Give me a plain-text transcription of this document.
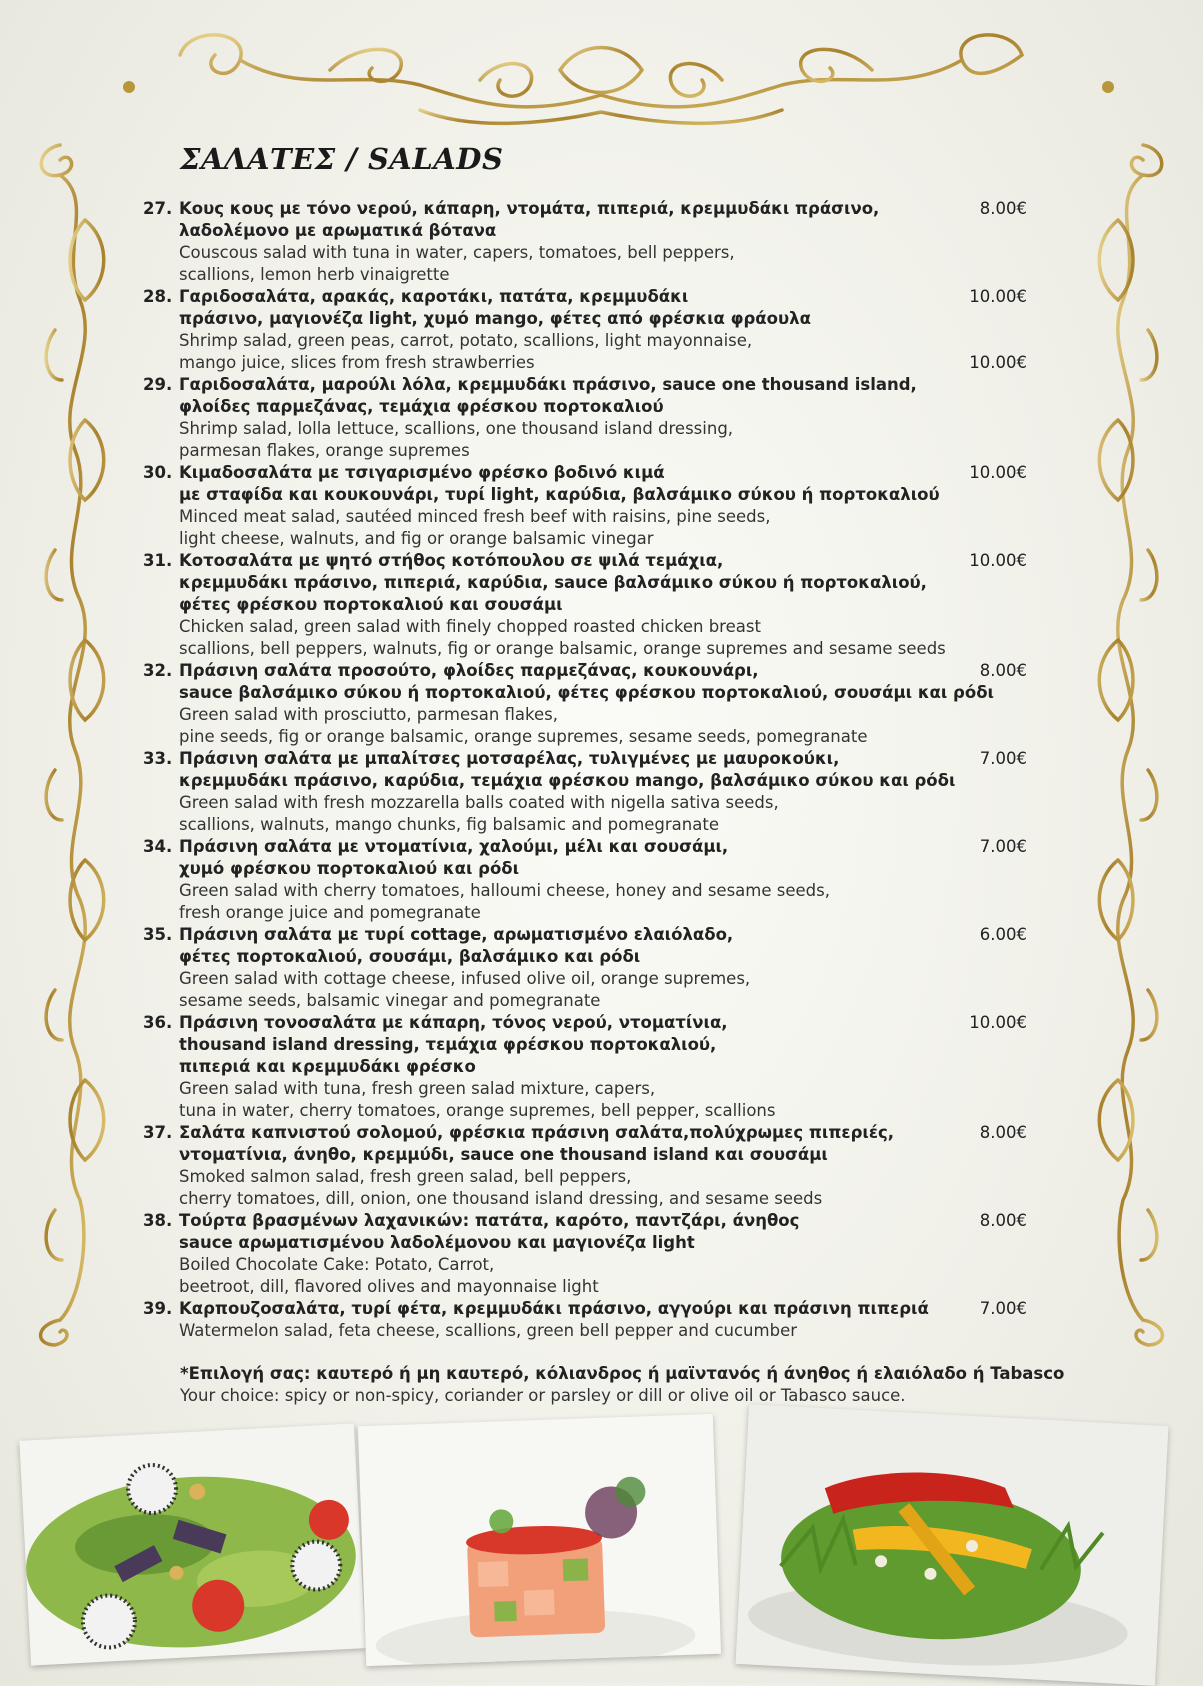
ΣΑΛΑΤΕΣ / SALADS
27. Κους κους με τόνο νερού, κάπαρη, ντομάτα, πιπεριά, κρεμμυδάκι πράσινο,
λαδολέμονο με αρωματικά βότανα
Couscous salad with tuna in water, capers, tomatoes, bell peppers,
scallions, lemon herb vinaigrette
28. Γαριδοσαλάτα, αρακάς, καροτάκι, πατάτα, κρεμμυδάκι
πράσινο, μαγιονέζα light, χυμό mango, φέτες από φρέσκια φράουλα
Shrimp salad, green peas, carrot, potato, scallions, light mayonnaise,
mango juice, slices from fresh strawberries
29. Γαριδοσαλάτα, μαρούλι λόλα, κρεμμυδάκι πράσινο, sauce one thousand island,
φλοίδες παρμεζάνας, τεμάχια φρέσκου πορτοκαλιού
Shrimp salad, lolla lettuce, scallions, one thousand island dressing,
parmesan flakes, orange supremes
30. Κιμαδοσαλάτα με τσιγαρισμένο φρέσκο βοδινό κιμά
με σταφίδα και κουκουνάρι, τυρί light, καρύδια, βαλσάμικο σύκου ή πορτοκαλιού
Minced meat salad, sautéed minced fresh beef with raisins, pine seeds,
light cheese, walnuts, and fig or orange balsamic vinegar
31. Κοτοσαλάτα με ψητό στήθος κοτόπουλου σε ψιλά τεμάχια,
κρεμμυδάκι πράσινο, πιπεριά, καρύδια, sauce βαλσάμικο σύκου ή πορτοκαλιού,
φέτες φρέσκου πορτοκαλιού και σουσάμι
Chicken salad, green salad with finely chopped roasted chicken breast
scallions, bell peppers, walnuts, fig or orange balsamic, orange supremes and sesame seeds
32. Πράσινη σαλάτα προσούτο, φλοίδες παρμεζάνας, κουκουνάρι,
sauce βαλσάμικο σύκου ή πορτοκαλιού, φέτες φρέσκου πορτοκαλιού, σουσάμι και ρόδι
Green salad with prosciutto, parmesan flakes,
pine seeds, fig or orange balsamic, orange supremes, sesame seeds, pomegranate
33. Πράσινη σαλάτα με μπαλίτσες μοτσαρέλας, τυλιγμένες με μαυροκούκι,
κρεμμυδάκι πράσινο, καρύδια, τεμάχια φρέσκου mango, βαλσάμικο σύκου και ρόδι
Green salad with fresh mozzarella balls coated with nigella sativa seeds,
scallions, walnuts, mango chunks, fig balsamic and pomegranate
34. Πράσινη σαλάτα με ντοματίνια, χαλούμι, μέλι και σουσάμι,
χυμό φρέσκου πορτοκαλιού και ρόδι
Green salad with cherry tomatoes, halloumi cheese, honey and sesame seeds,
fresh orange juice and pomegranate
35. Πράσινη σαλάτα με τυρί cottage, αρωματισμένο ελαιόλαδο,
φέτες πορτοκαλιού, σουσάμι, βαλσάμικο και ρόδι
Green salad with cottage cheese, infused olive oil, orange supremes,
sesame seeds, balsamic vinegar and pomegranate
36. Πράσινη τονοσαλάτα με κάπαρη, τόνος νερού, ντοματίνια,
thousand island dressing, τεμάχια φρέσκου πορτοκαλιού,
πιπεριά και κρεμμυδάκι φρέσκο
Green salad with tuna, fresh green salad mixture, capers,
tuna in water, cherry tomatoes, orange supremes, bell pepper, scallions
37. Σαλάτα καπνιστού σολομού, φρέσκια πράσινη σαλάτα,πολύχρωμες πιπεριές,
ντοματίνια, άνηθο, κρεμμύδι, sauce one thousand island και σουσάμι
Smoked salmon salad, fresh green salad, bell peppers,
cherry tomatoes, dill, onion, one thousand island dressing, and sesame seeds
38. Τούρτα βρασμένων λαχανικών: πατάτα, καρότο, παντζάρι, άνηθος
sauce αρωματισμένου λαδολέμονου και μαγιονέζα light
Boiled Chocolate Cake: Potato, Carrot,
beetroot, dill, flavored olives and mayonnaise light
39. Καρπουζοσαλάτα, τυρί φέτα, κρεμμυδάκι πράσινο, αγγούρι και πράσινη πιπεριά
Watermelon salad, feta cheese, scallions, green bell pepper and cucumber
8.00€
10.00€
10.00€
10.00€
10.00€
8.00€
7.00€
7.00€
6.00€
10.00€
8.00€
8.00€
7.00€
*Επιλογή σας: καυτερό ή μη καυτερό, κόλιανδρος ή μαϊντανός ή άνηθος ή ελαιόλαδο ή Tabasco
Your choice: spicy or non-spicy, coriander or parsley or dill or olive oil or Tabasco sauce.
